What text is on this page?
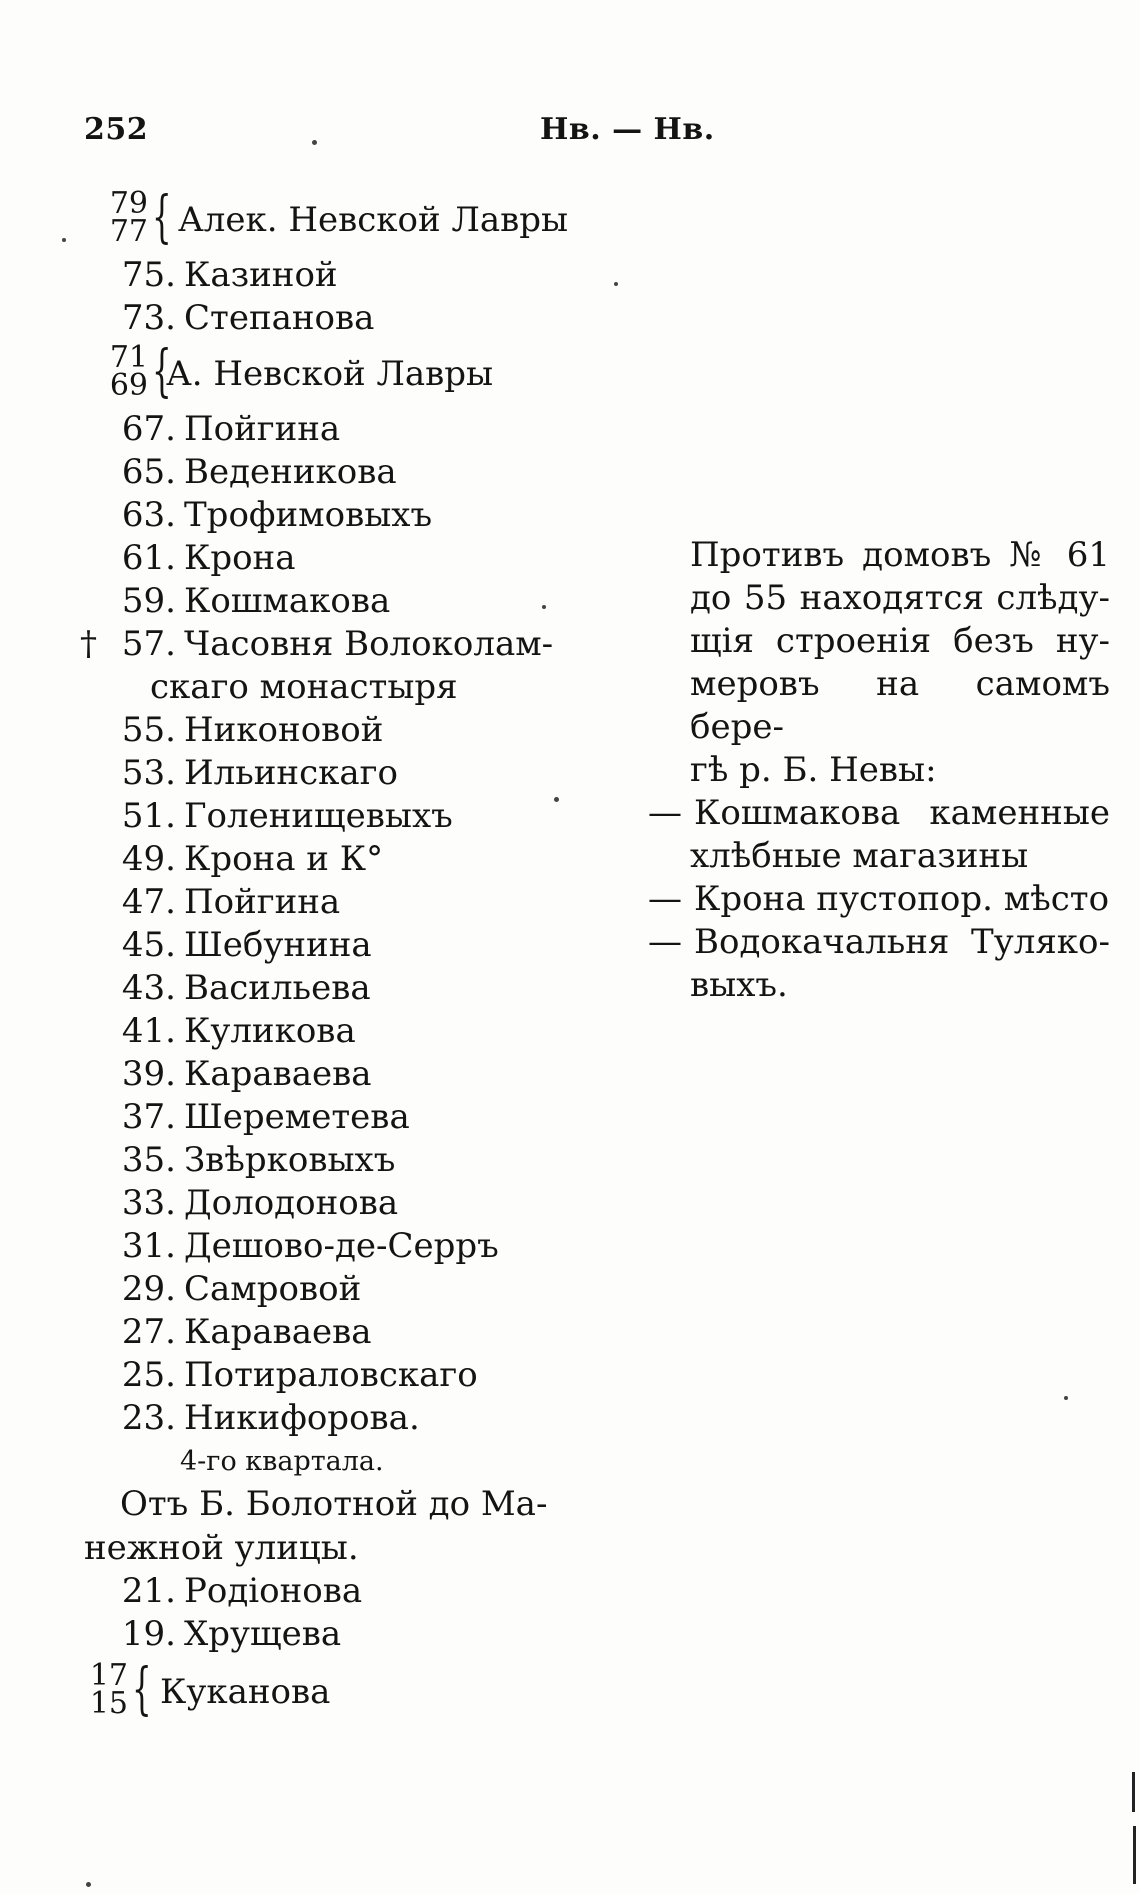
252	Нв. — Нв.
79
77 { Алек. Невской Лавры
75. Казиной
73. Степанова
71
69 {
А. Невской Лавры
67. Пойгина
65. Веденикова
63. Трофимовыхъ
61. Крона
59. Кошмакова
† 57. Часовня Волоколам-
скаго монастыря
55. Никоновой
53. Ильинскаго
51. Голенищевыхъ
49. Крона и К°
47. Пойгина
45. Шебунина
43. Васильева
41. Куликова
39. Караваева
37. Шереметева
35. Звѣрковыхъ
33. Долодонова
31. Дешово-де-Серръ
29. Самровой
27. Караваева
25. Потираловскаго
23. Никифорова.
4-го квартала.
Отъ Б. Болотной до Ма-
нежной улицы.
21. Родіонова
19. Хрущева
17
15 { Куканова

Противъ домовъ № 61

до 55 находятся слѣду-

щія строенія безъ ну-

меровъ на самомъ бере-

гѣ р. Б. Невы:

— Кошмакова каменные

хлѣбные магазины

— Крона пустопор. мѣсто

— Водокачальня Туляко-

выхъ.
